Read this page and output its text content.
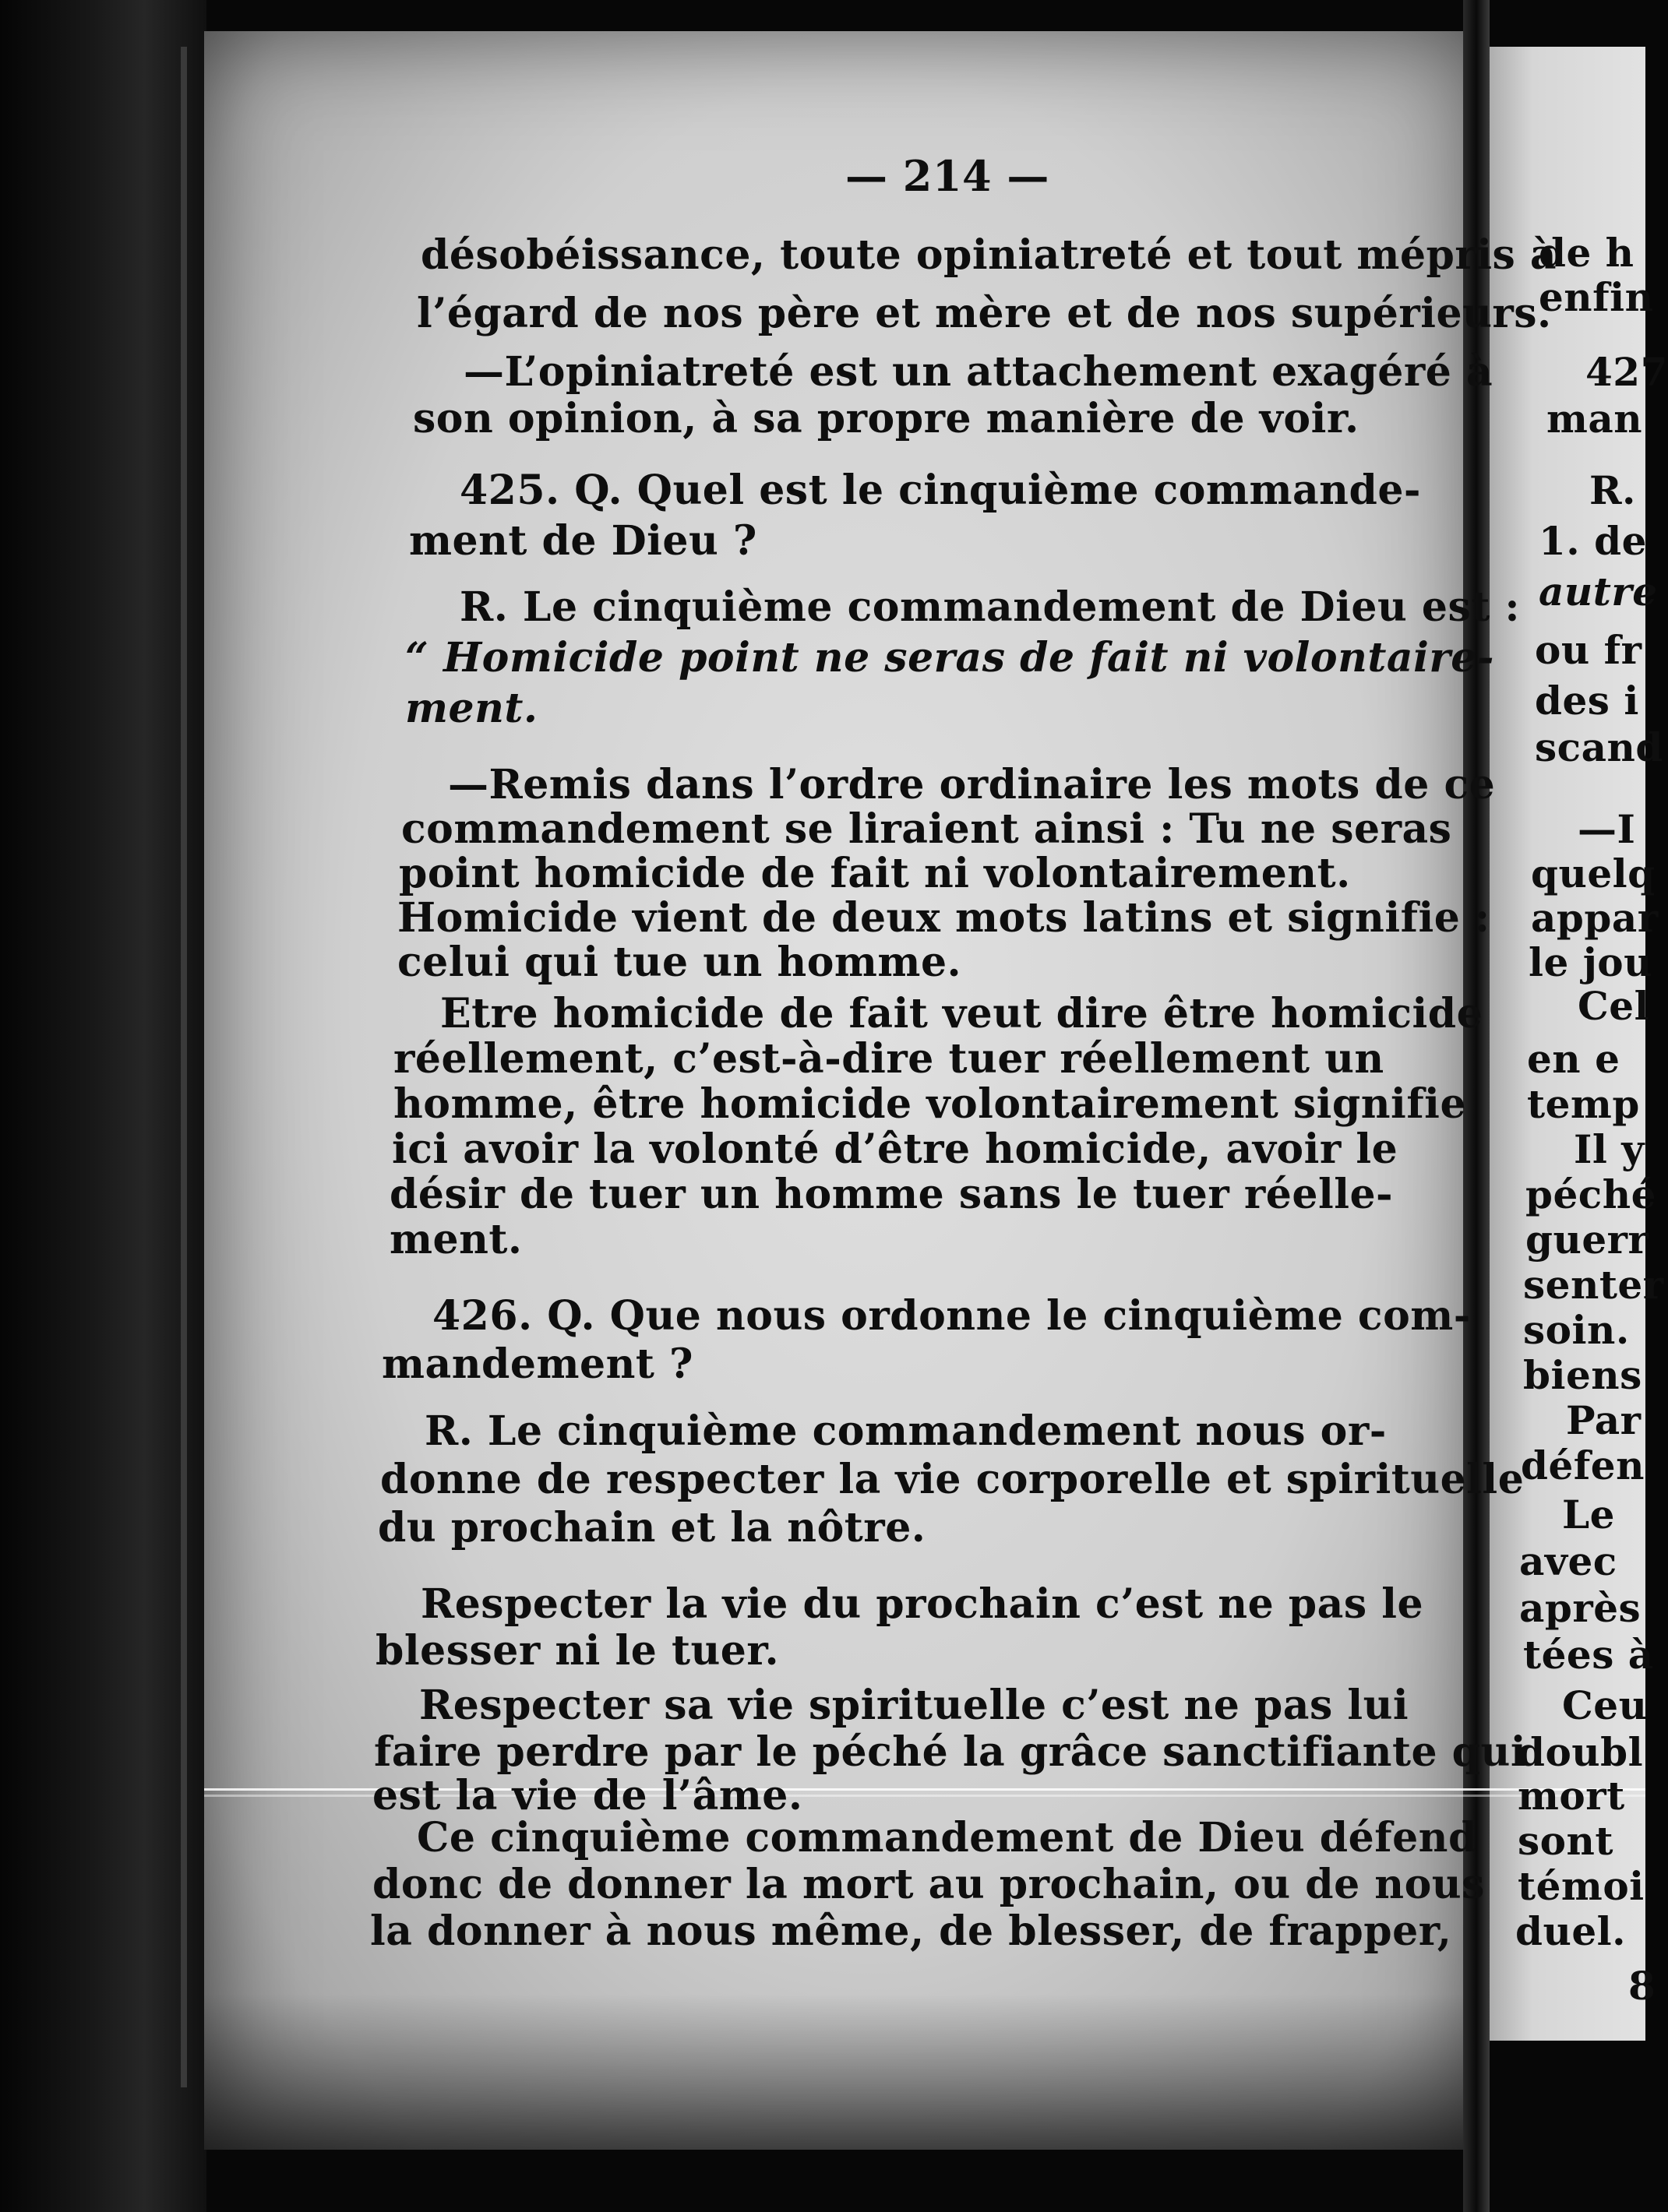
— 214 —
désobéissance, toute opiniatreté et tout mépris à
l’égard de nos père et mère et de nos supérieurs.
—L’opiniatreté est un attachement exagéré à
son opinion, à sa propre manière de voir.
425. Q. Quel est le cinquième commande-
ment de Dieu ?
R. Le cinquième commandement de Dieu est :
“ Homicide point ne seras de fait ni volontaire-
ment.
—Remis dans l’ordre ordinaire les mots de ce
commandement se liraient ainsi : Tu ne seras
point homicide de fait ni volontairement.
Homicide vient de deux mots latins et signifie :
celui qui tue un homme.
Etre homicide de fait veut dire être homicide
réellement, c’est-à-dire tuer réellement un
homme, être homicide volontairement signifie
ici avoir la volonté d’être homicide, avoir le
désir de tuer un homme sans le tuer réelle-
ment.
426. Q. Que nous ordonne le cinquième com-
mandement ?
R. Le cinquième commandement nous or-
donne de respecter la vie corporelle et spirituelle
du prochain et la nôtre.
Respecter la vie du prochain c’est ne pas le
blesser ni le tuer.
Respecter sa vie spirituelle c’est ne pas lui
faire perdre par le péché la grâce sanctifiante qui
est la vie de l’âme.
Ce cinquième commandement de Dieu défend
donc de donner la mort au prochain, ou de nous
la donner à nous même, de blesser, de frapper,
de h
enfin
427
man
R.
1. de
autre
ou fr
des i
scand
—I
quelq
appar
le jou
Cel
en e
temp
Il y
péché
guerr
senter
soin.
biens
Par
défen
Le
avec
après
tées à
Ceu
doubl
mort
sont
témoi
duel.
8
